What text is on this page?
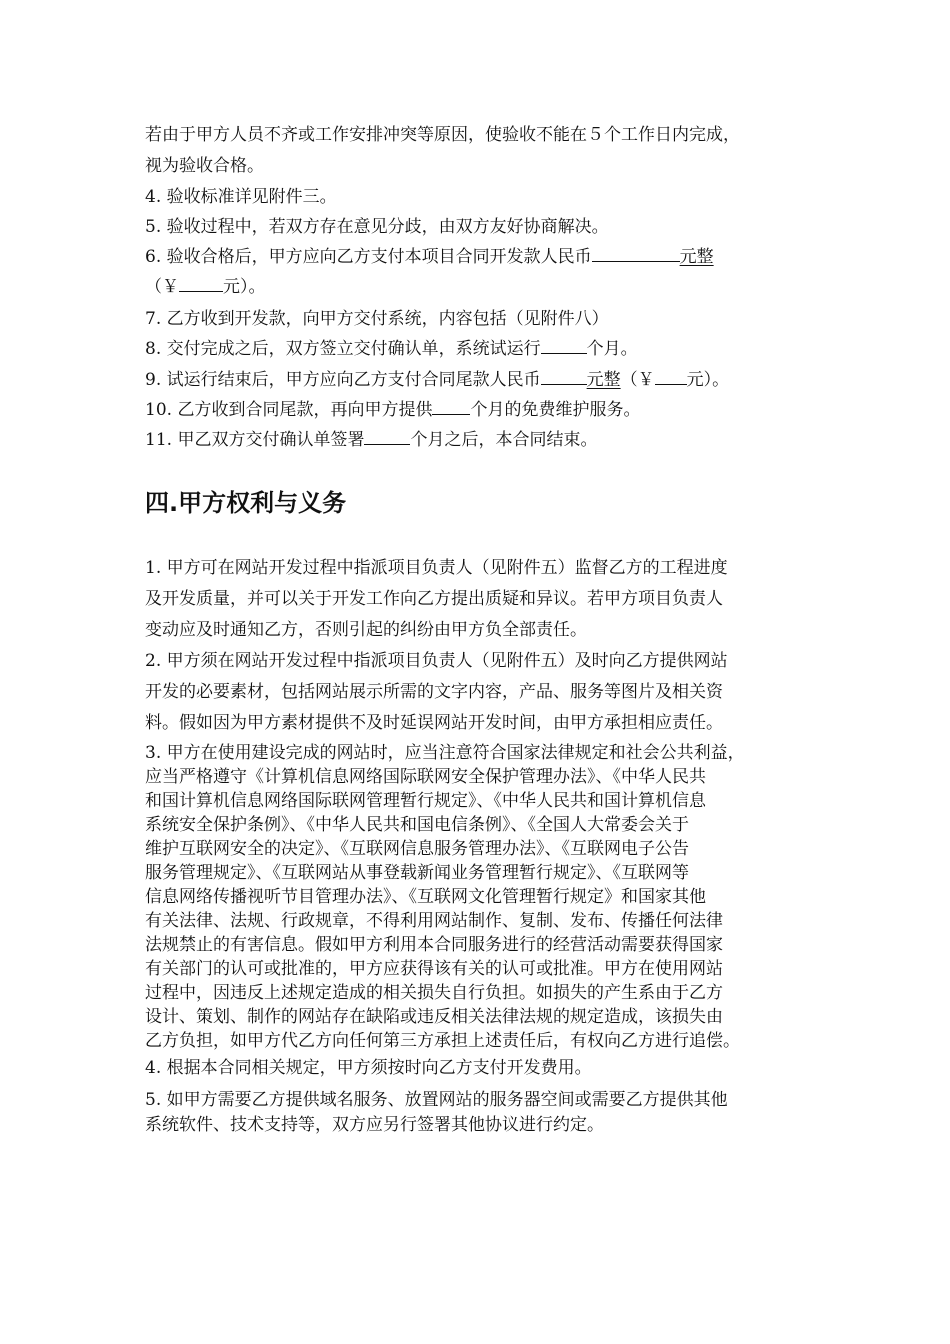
若由于甲方人员不齐或工作安排冲突等原因，使验收不能在５个工作日内完成，
视为验收合格。
4. 验收标准详见附件三。
5. 验收过程中，若双方存在意见分歧，由双方友好协商解决。
6. 验收合格后，甲方应向乙方支付本项目合同开发款人民币	元整
（￥	元）。
7. 乙方收到开发款，向甲方交付系统，内容包括（见附件八）
8. 交付完成之后，双方签立交付确认单，系统试运行	个月。
9. 试运行结束后，甲方应向乙方支付合同尾款人民币	元整（￥ 元）。
10. 乙方收到合同尾款，再向甲方提供 个月的免费维护服务。
11. 甲乙双方交付确认单签署	个月之后，本合同结束。
四.甲方权利与义务
1. 甲方可在网站开发过程中指派项目负责人（见附件五）监督乙方的工程进度
及开发质量，并可以关于开发工作向乙方提出质疑和异议。若甲方项目负责人
变动应及时通知乙方，否则引起的纠纷由甲方负全部责任。
2. 甲方须在网站开发过程中指派项目负责人（见附件五）及时向乙方提供网站
开发的必要素材，包括网站展示所需的文字内容，产品、服务等图片及相关资
料。假如因为甲方素材提供不及时延误网站开发时间，由甲方承担相应责任。
3. 甲方在使用建设完成的网站时，应当注意符合国家法律规定和社会公共利益，
应当严格遵守《计算机信息网络国际联网安全保护管理办法》、《中华人民共
和国计算机信息网络国际联网管理暂行规定》、《中华人民共和国计算机信息
系统安全保护条例》、《中华人民共和国电信条例》、《全国人大常委会关于
维护互联网安全的决定》、《互联网信息服务管理办法》、《互联网电子公告
服务管理规定》、《互联网站从事登载新闻业务管理暂行规定》、《互联网等
信息网络传播视听节目管理办法》、《互联网文化管理暂行规定》和国家其他
有关法律、法规、行政规章，不得利用网站制作、复制、发布、传播任何法律
法规禁止的有害信息。假如甲方利用本合同服务进行的经营活动需要获得国家
有关部门的认可或批准的，甲方应获得该有关的认可或批准。甲方在使用网站
过程中，因违反上述规定造成的相关损失自行负担。如损失的产生系由于乙方
设计、策划、制作的网站存在缺陷或违反相关法律法规的规定造成，该损失由
乙方负担，如甲方代乙方向任何第三方承担上述责任后，有权向乙方进行追偿。
4. 根据本合同相关规定，甲方须按时向乙方支付开发费用。
5. 如甲方需要乙方提供域名服务、放置网站的服务器空间或需要乙方提供其他
系统软件、技术支持等，双方应另行签署其他协议进行约定。
